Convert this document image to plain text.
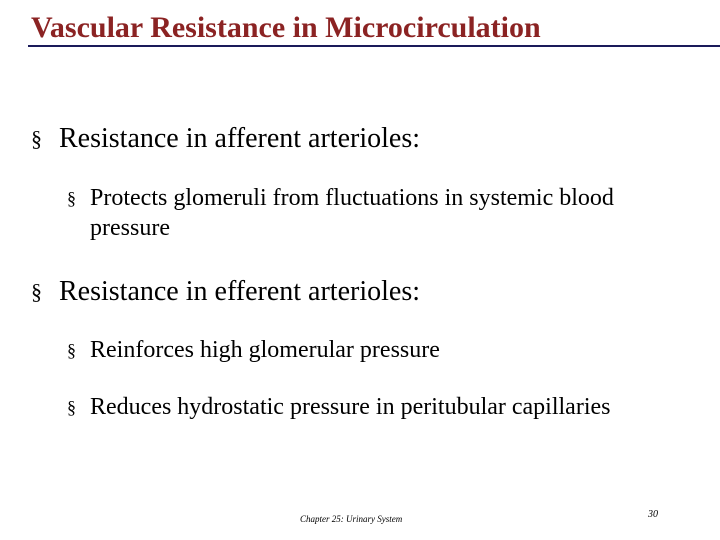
Vascular Resistance in Microcirculation
§ Resistance in afferent arterioles:
§ Protects glomeruli from fluctuations in systemic blood pressure
§ Resistance in efferent arterioles:
§ Reinforces high glomerular pressure
§ Reduces hydrostatic pressure in peritubular capillaries
Chapter 25: Urinary System	30
